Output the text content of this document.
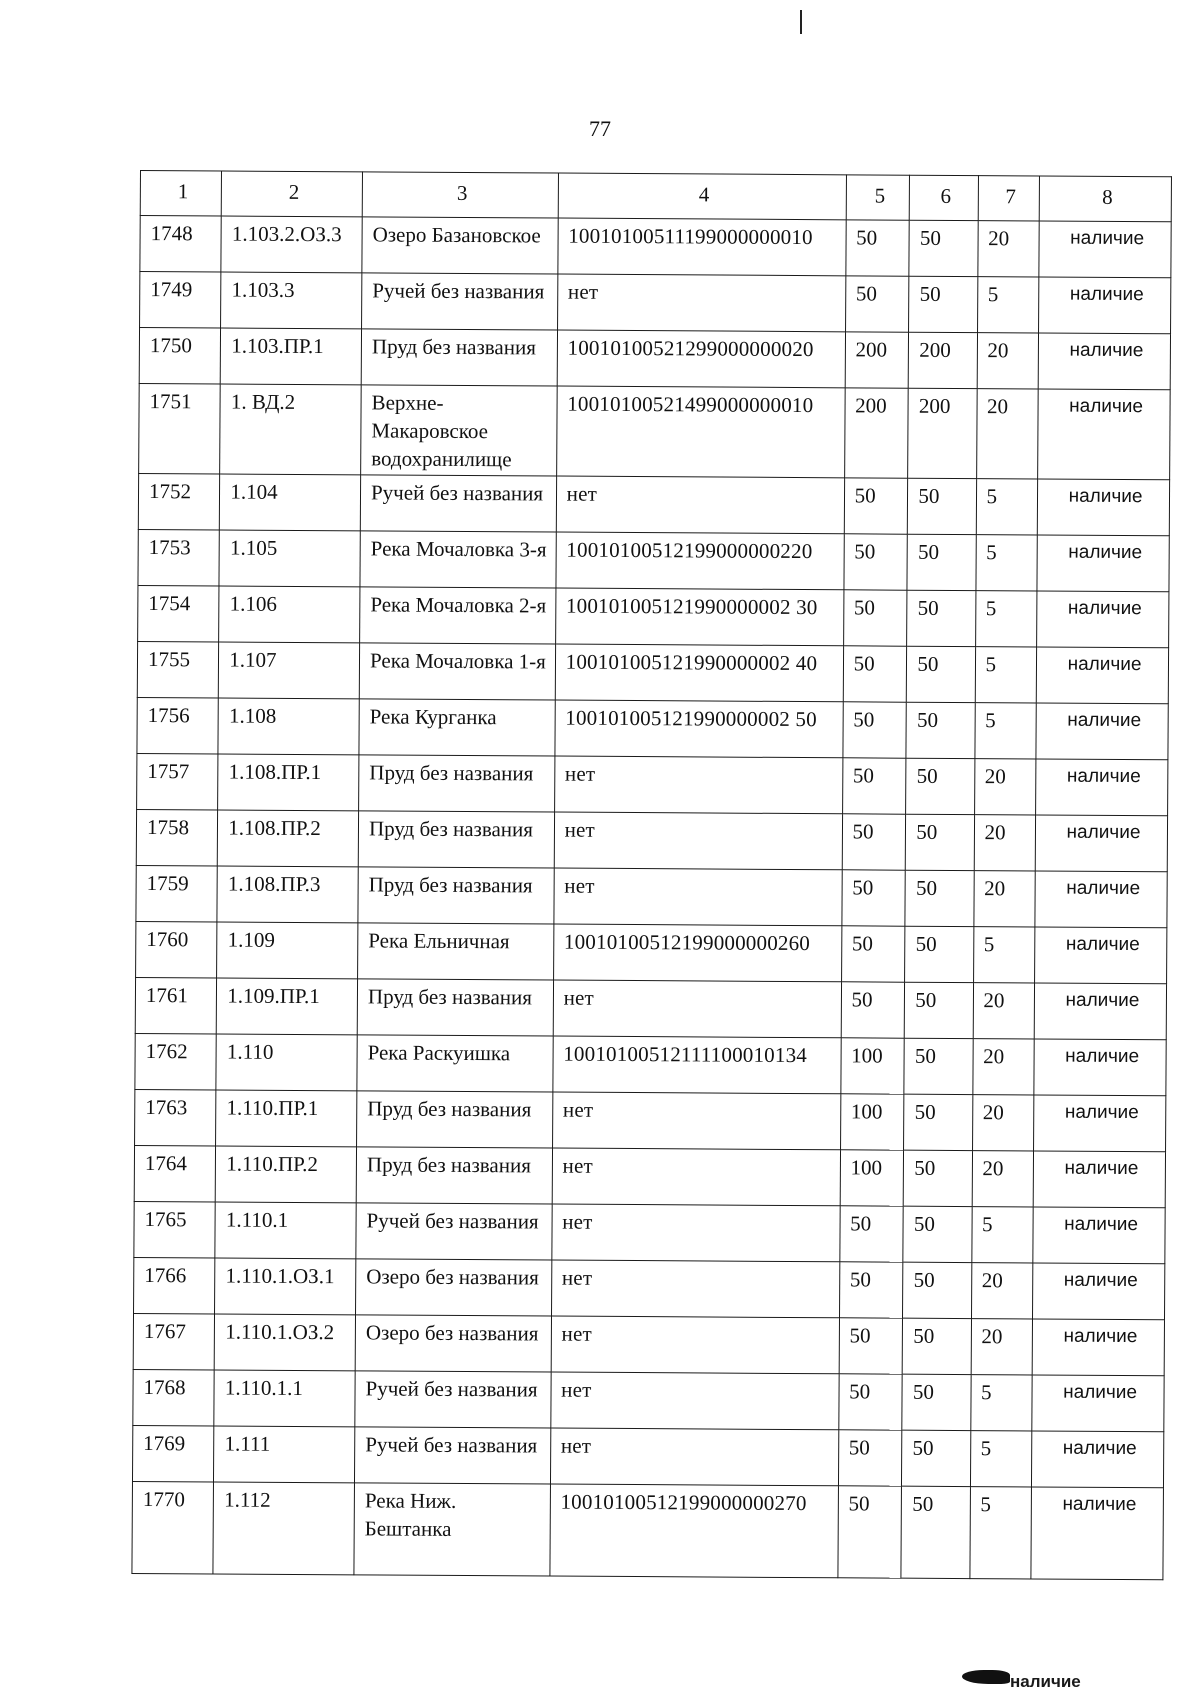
77
1	2	3	4	5	6	7	8
1748	1.103.2.ОЗ.3	Озеро Базановское	10010100511199000000010	50	50	20	наличие
1749	1.103.3	Ручей без названия	нет	50	50	5	наличие
1750	1.103.ПР.1	Пруд без названия	10010100521299000000020	200	200	20	наличие
1751	1. ВД.2	Верхне-Макаровское водохранилище	10010100521499000000010	200	200	20	наличие
1752	1.104	Ручей без названия	нет	50	50	5	наличие
1753	1.105	Река Мочаловка 3-я	10010100512199000000220	50	50	5	наличие
1754	1.106	Река Мочаловка 2-я	100101005121990000002 30	50	50	5	наличие
1755	1.107	Река Мочаловка 1-я	100101005121990000002 40	50	50	5	наличие
1756	1.108	Река Курганка	100101005121990000002 50	50	50	5	наличие
1757	1.108.ПР.1	Пруд без названия	нет	50	50	20	наличие
1758	1.108.ПР.2	Пруд без названия	нет	50	50	20	наличие
1759	1.108.ПР.3	Пруд без названия	нет	50	50	20	наличие
1760	1.109	Река Ельничная	10010100512199000000260	50	50	5	наличие
1761	1.109.ПР.1	Пруд без названия	нет	50	50	20	наличие
1762	1.110	Река Раскуишка	10010100512111100010134	100	50	20	наличие
1763	1.110.ПР.1	Пруд без названия	нет	100	50	20	наличие
1764	1.110.ПР.2	Пруд без названия	нет	100	50	20	наличие
1765	1.110.1	Ручей без названия	нет	50	50	5	наличие
1766	1.110.1.ОЗ.1	Озеро без названия	нет	50	50	20	наличие
1767	1.110.1.ОЗ.2	Озеро без названия	нет	50	50	20	наличие
1768	1.110.1.1	Ручей без названия	нет	50	50	5	наличие
1769	1.111	Ручей без названия	нет	50	50	5	наличие
1770	1.112	Река Ниж. Бештанка	10010100512199000000270	50	50	5	наличие
наличие
